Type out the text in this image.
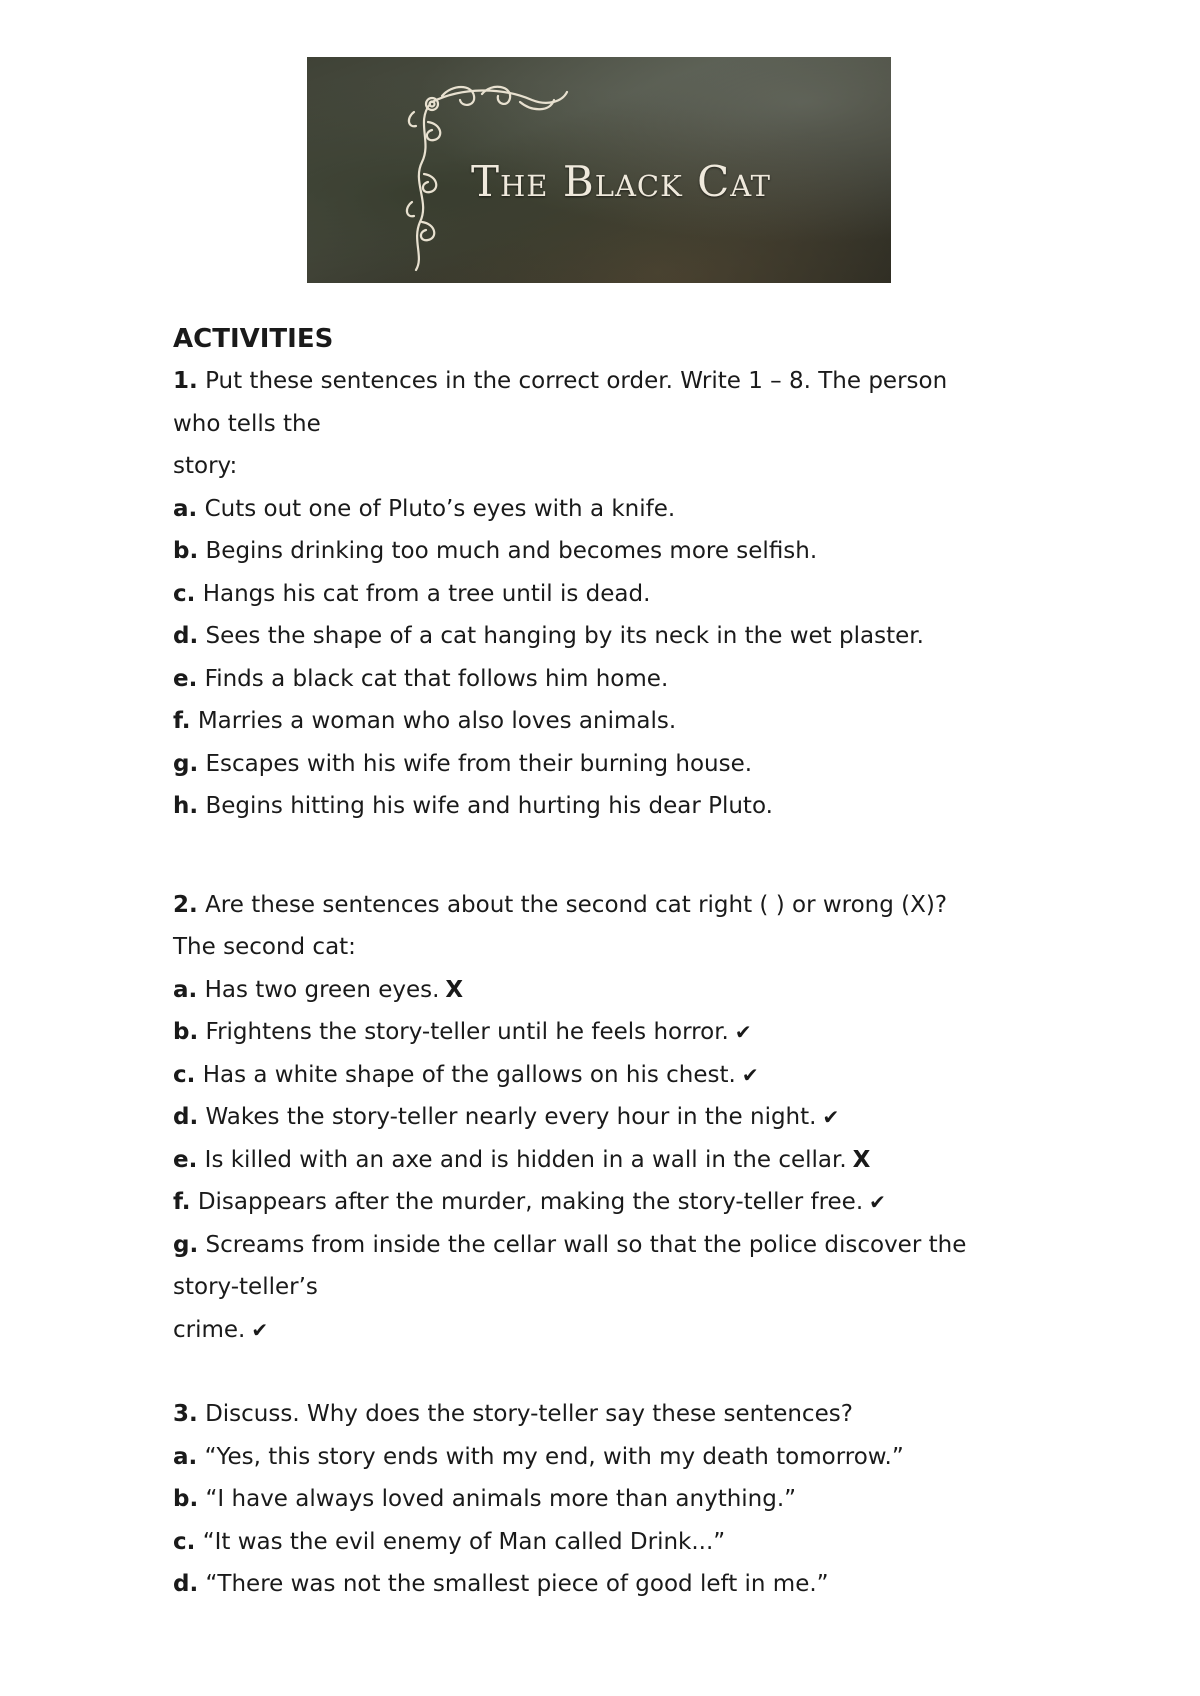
The Black Cat
ACTIVITIES
1. Put these sentences in the correct order. Write 1 – 8. The person
who tells the
story:
a. Cuts out one of Pluto’s eyes with a knife.
b. Begins drinking too much and becomes more selfish.
c. Hangs his cat from a tree until is dead.
d. Sees the shape of a cat hanging by its neck in the wet plaster.
e. Finds a black cat that follows him home.
f. Marries a woman who also loves animals.
g. Escapes with his wife from their burning house.
h. Begins hitting his wife and hurting his dear Pluto.
2. Are these sentences about the second cat right ( ) or wrong (X)?
The second cat:
a. Has two green eyes. X
b. Frightens the story-teller until he feels horror. ✔
c. Has a white shape of the gallows on his chest. ✔
d. Wakes the story-teller nearly every hour in the night. ✔
e. Is killed with an axe and is hidden in a wall in the cellar. X
f. Disappears after the murder, making the story-teller free. ✔
g. Screams from inside the cellar wall so that the police discover the
story-teller’s
crime. ✔
3. Discuss. Why does the story-teller say these sentences?
a. “Yes, this story ends with my end, with my death tomorrow.”
b. “I have always loved animals more than anything.”
c. “It was the evil enemy of Man called Drink...”
d. “There was not the smallest piece of good left in me.”
